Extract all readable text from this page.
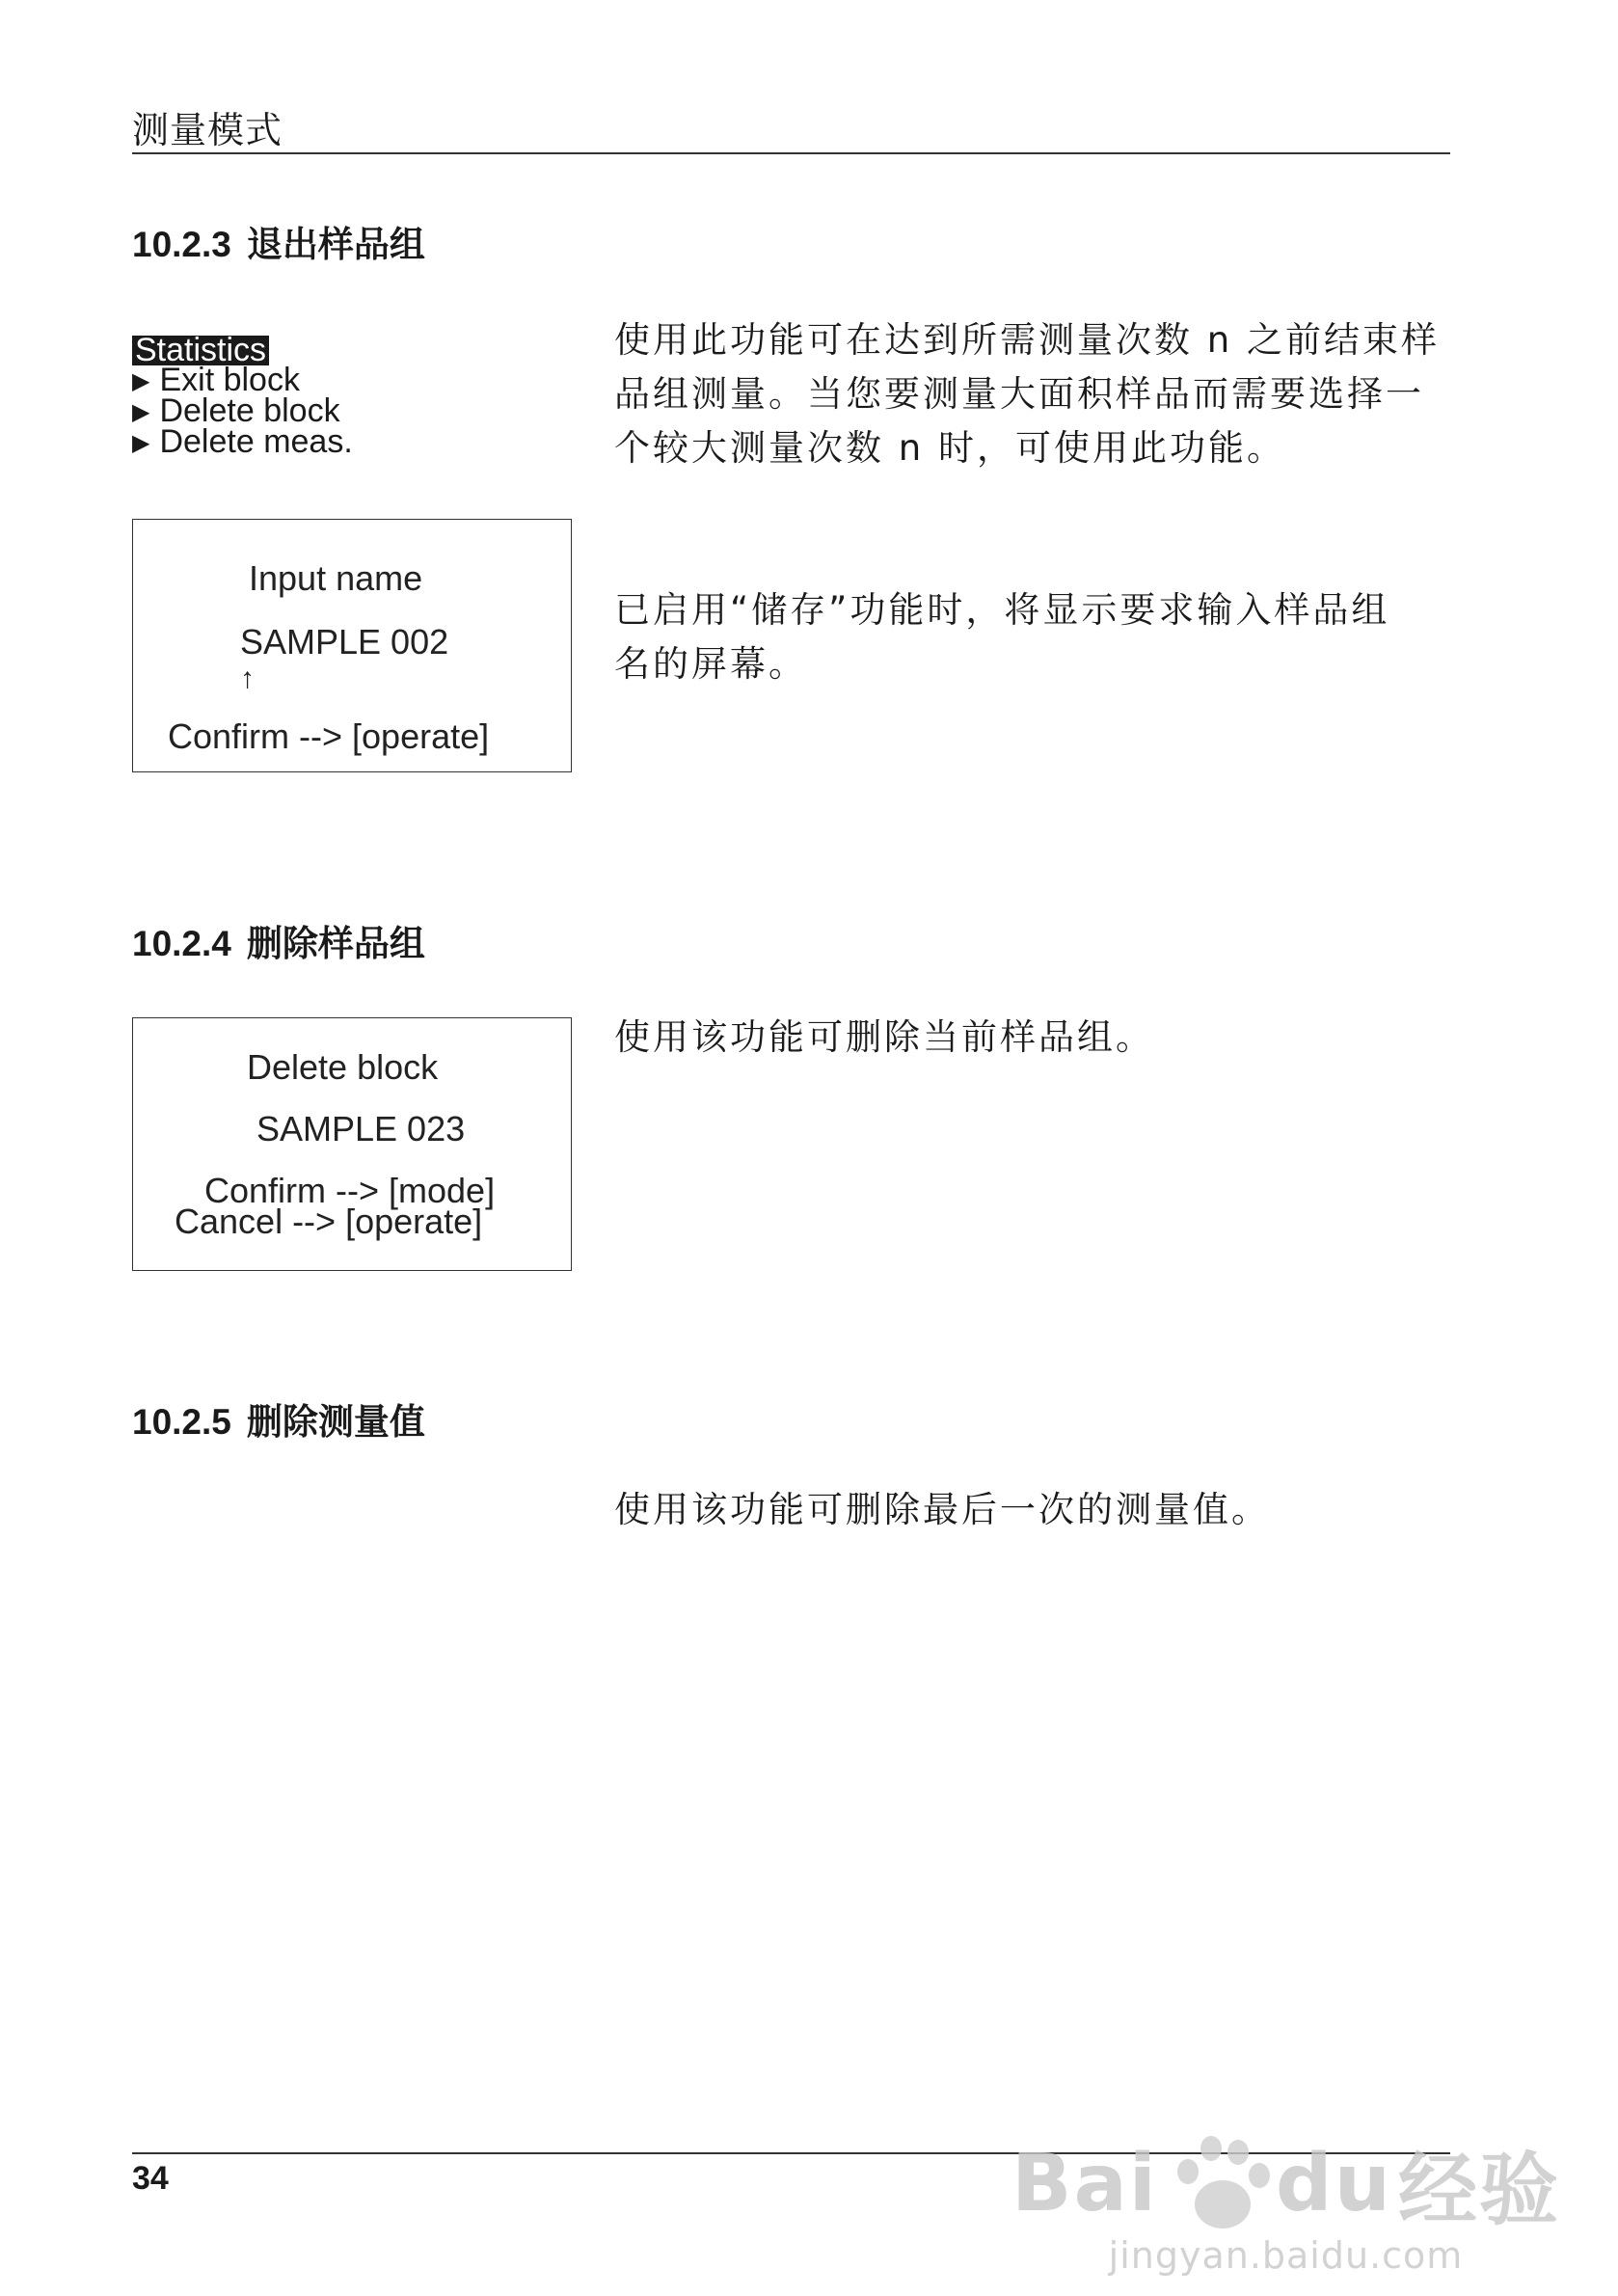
测量模式
10.2.3 退出样品组
Statistics
▶ Exit block
▶ Delete block
▶ Delete meas.
使用此功能可在达到所需测量次数 n 之前结束样
品组测量。当您要测量大面积样品而需要选择一
个较大测量次数 n 时，可使用此功能。
Input name
SAMPLE 002
↑
Confirm --> [operate]
已启用“储存”功能时，将显示要求输入样品组
名的屏幕。
10.2.4 删除样品组
Delete block
SAMPLE 023
Confirm --> [mode]
Cancel --> [operate]
使用该功能可删除当前样品组。
10.2.5 删除测量值
使用该功能可删除最后一次的测量值。
34	Bai du 经验
jingyan.baidu.com
